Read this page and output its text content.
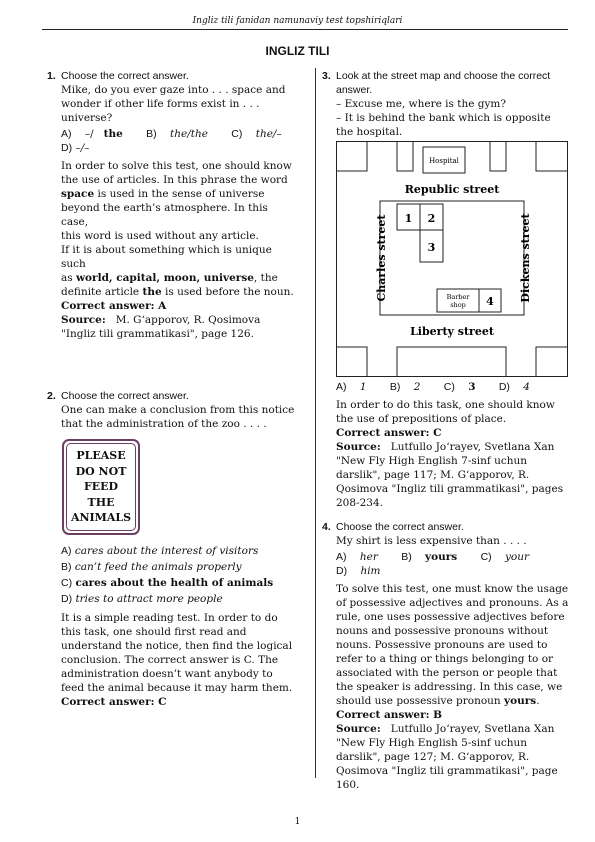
Ingliz tili fanidan namunaviy test topshiriqlari
INGLIZ TILI

1. Choose the correct answer.

Mike, do you ever gaze into . . . space and

wonder if other life forms exist in . . .

universe?

A) –/ the B) the/the C) the/–

D) –/–

In order to solve this test, one should know

the use of articles. In this phrase the word

space is used in the sense of universe

beyond the earth’s atmosphere. In this case,

this word is used without any article.

If it is about something which is unique such

as world, capital, moon, universe, the

definite article the is used before the noun.

Correct answer: A

Source: M. G‘apporov, R. Qosimova

"Ingliz tili grammatikasi", page 126.

2. Choose the correct answer.

One can make a conclusion from this notice

that the administration of the zoo . . . .

PLEASE
DO NOT
FEED
THE
ANIMALS

A) cares about the interest of visitors

B) can’t feed the animals properly

C) cares about the health of animals

D) tries to attract more people

It is a simple reading test. In order to do

this task, one should first read and

understand the notice, then find the logical

conclusion. The correct answer is C. The

administration doesn’t want anybody to

feed the animal because it may harm them.

Correct answer: C

3. Look at the street map and choose the correct

answer.

– Excuse me, where is the gym?

– It is behind the bank which is opposite

the hospital.

Hospital
Republic street
Liberty street
Charles street	Dickens street
1 2
3
Barber
shop 4

A) 1 B) 2 C) 3 D) 4

In order to do this task, one should know

the use of prepositions of place.

Correct answer: C

Source: Lutfullo Jo‘rayev, Svetlana Xan

"New Fly High English 7-sinf uchun

darslik", page 117; M. G‘apporov, R.

Qosimova "Ingliz tili grammatikasi", pages

208-234.

4. Choose the correct answer.

My shirt is less expensive than . . . .

A) her B) yours C) your D) him

To solve this test, one must know the usage

of possessive adjectives and pronouns. As a

rule, one uses possessive adjectives before

nouns and possessive pronouns without

nouns. Possessive pronouns are used to

refer to a thing or things belonging to or

associated with the person or people that

the speaker is addressing. In this case, we

should use possessive pronoun yours.

Correct answer: B

Source: Lutfullo Jo‘rayev, Svetlana Xan

"New Fly High English 5-sinf uchun

darslik", page 127; M. G‘apporov, R.

Qosimova "Ingliz tili grammatikasi", page

160.

1
